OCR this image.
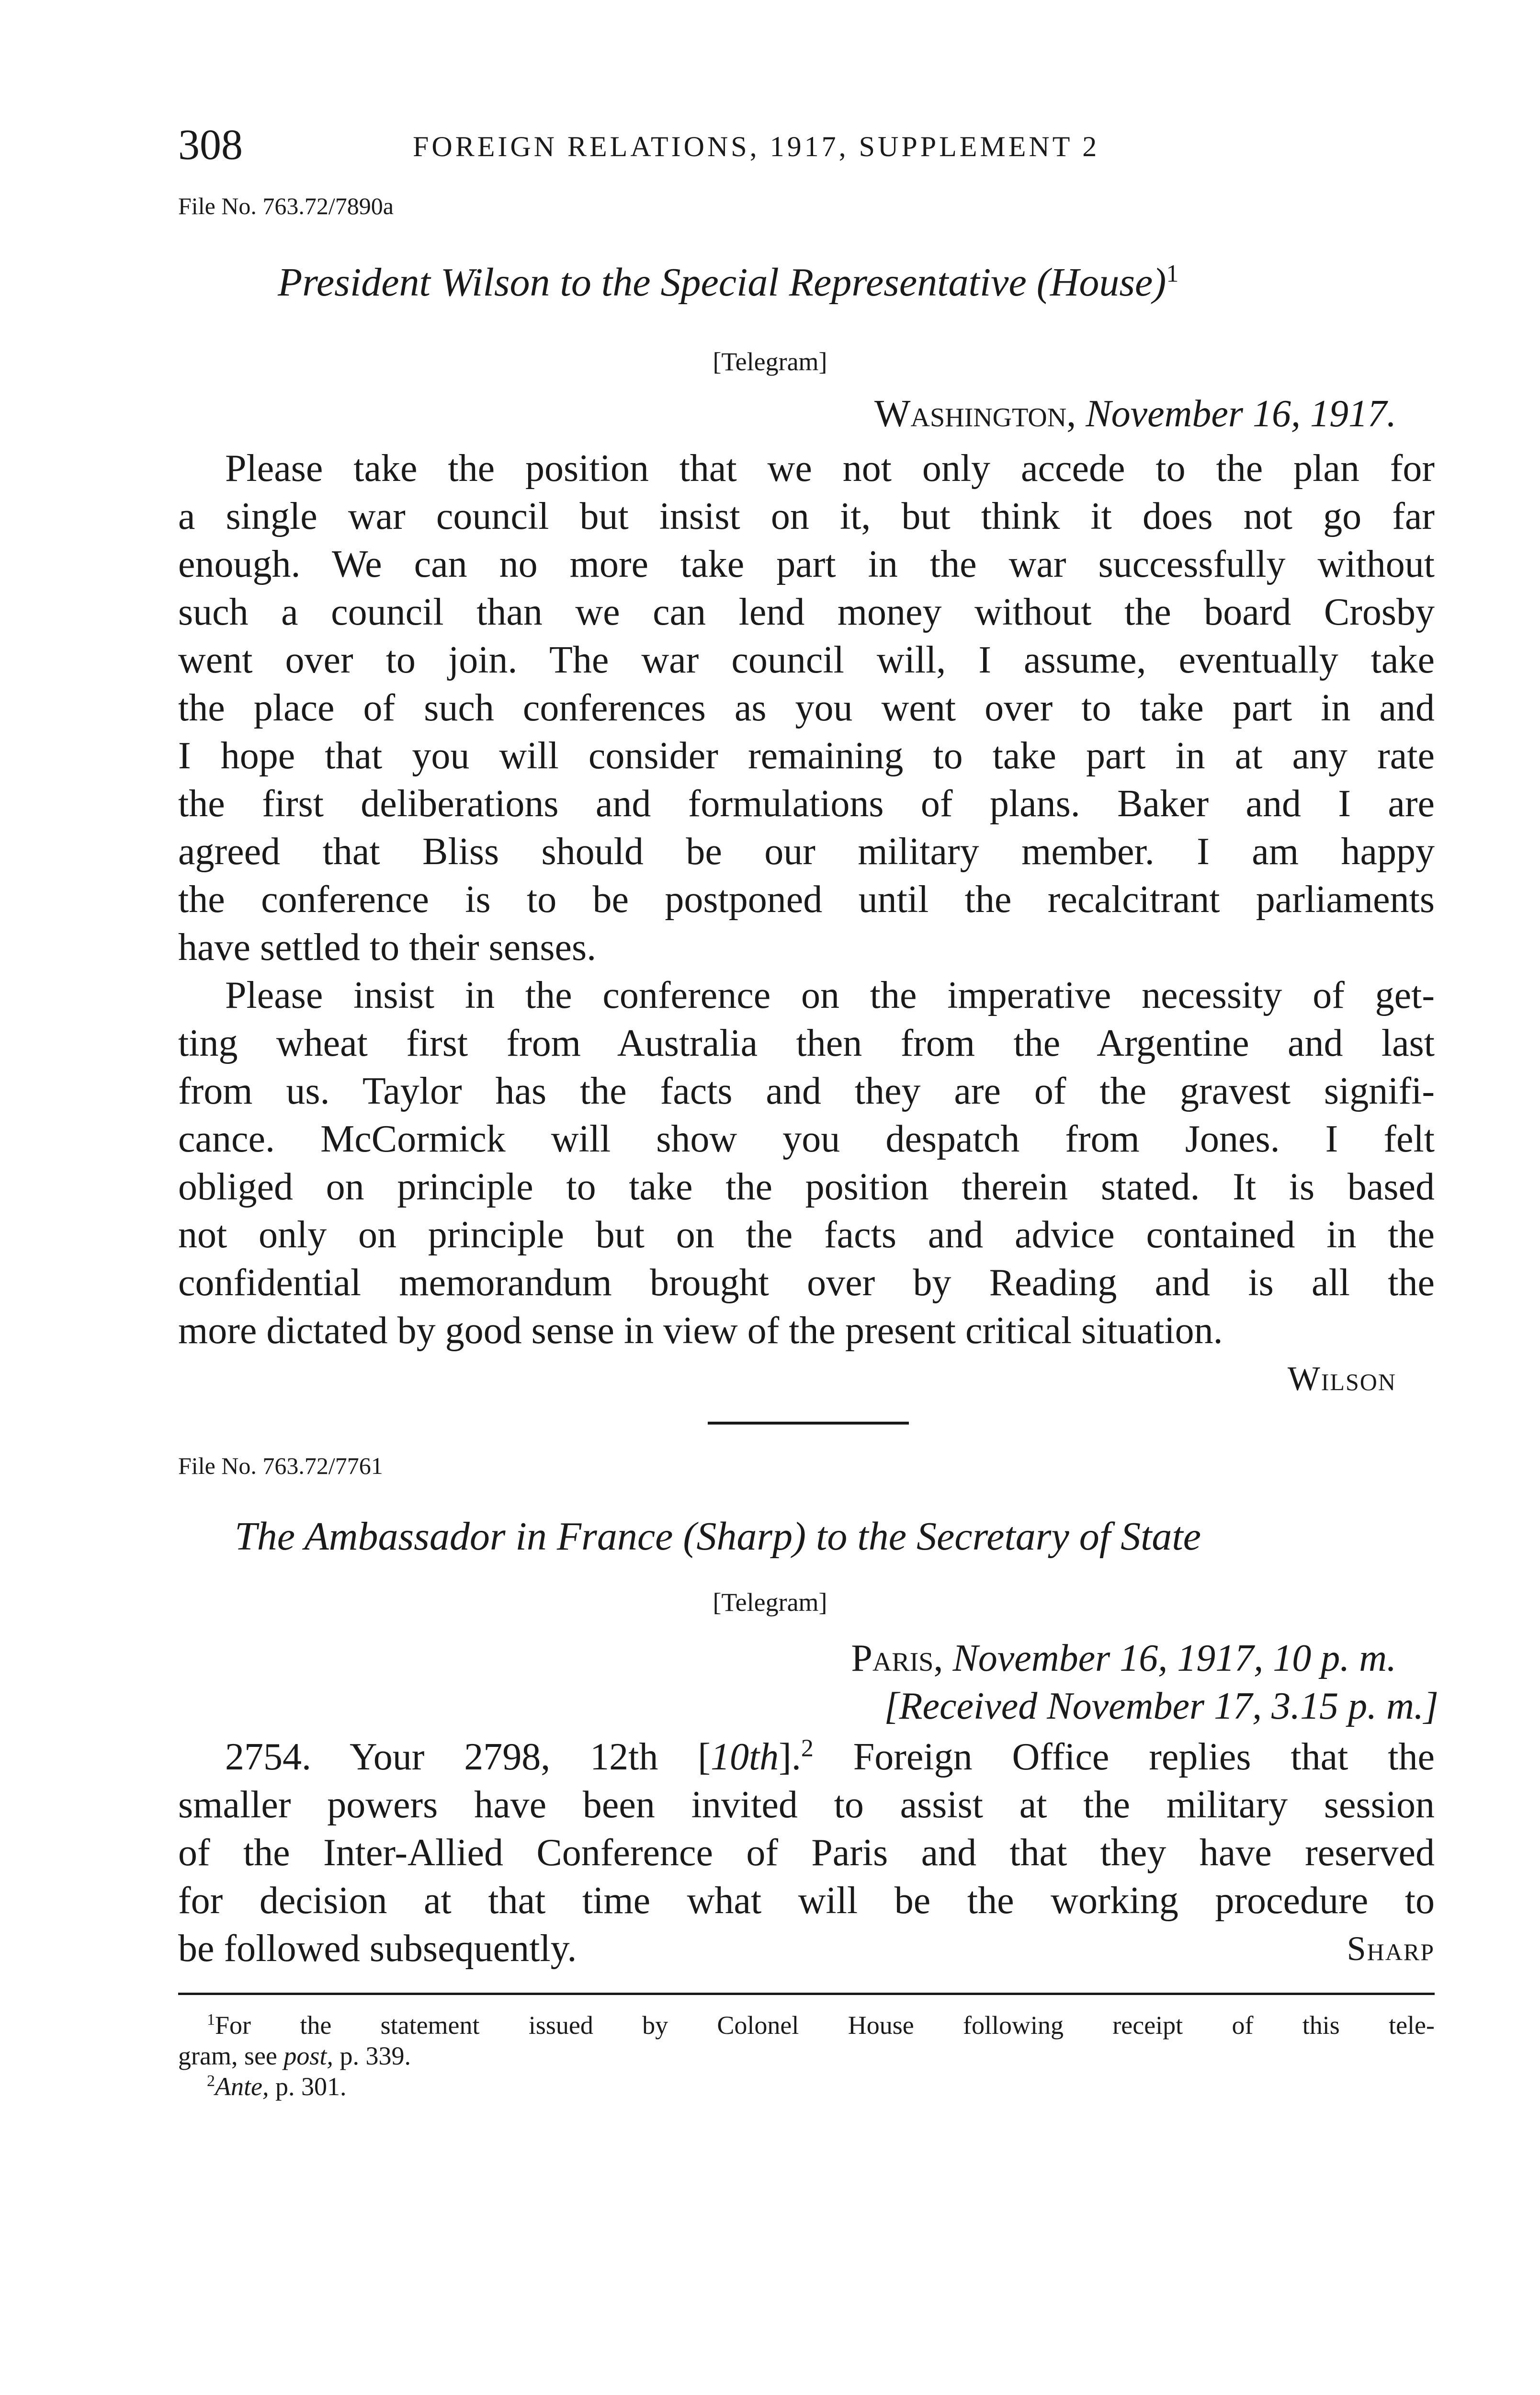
308	FOREIGN RELATIONS, 1917, SUPPLEMENT 2
File No. 763.72/7890a
President Wilson to the Special Representative (House)$^1$
[Telegram]
Washington, November 16, 1917.
Please take the position that we not only accede to the plan for
a single war council but insist on it, but think it does not go far
enough. We can no more take part in the war successfully without
such a council than we can lend money without the board Crosby
went over to join. The war council will, I assume, eventually take
the place of such conferences as you went over to take part in and
I hope that you will consider remaining to take part in at any rate
the first deliberations and formulations of plans. Baker and I are
agreed that Bliss should be our military member. I am happy
the conference is to be postponed until the recalcitrant parliaments
have settled to their senses.
Please insist in the conference on the imperative necessity of get-
ting wheat first from Australia then from the Argentine and last
from us. Taylor has the facts and they are of the gravest signifi-
cance. McCormick will show you despatch from Jones. I felt
obliged on principle to take the position therein stated. It is based
not only on principle but on the facts and advice contained in the
confidential memorandum brought over by Reading and is all the
more dictated by good sense in view of the present critical situation.
Wilson
File No. 763.72/7761
The Ambassador in France (Sharp) to the Secretary of State
[Telegram]
Paris, November 16, 1917, 10 p. m.
[Received November 17, 3.15 p. m.]
2754. Your 2798, 12th [10th].$^2$ Foreign Office replies that the
smaller powers have been invited to assist at the military session
of the Inter-Allied Conference of Paris and that they have reserved
for decision at that time what will be the working procedure to
be followed subsequently.	Sharp
$^1$For the statement issued by Colonel House following receipt of this tele-
gram, see post, p. 339.
$^2$Ante, p. 301.
